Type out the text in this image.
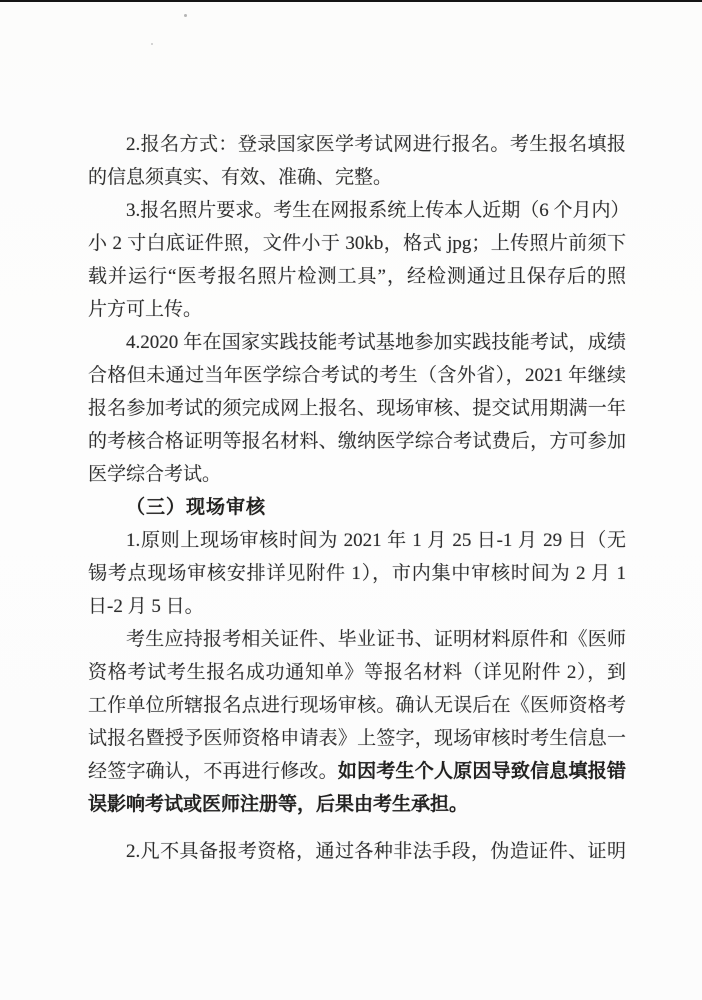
2.报名方式：登录国家医学考试网进行报名。考生报名填报
的信息须真实、有效、准确、完整。
3.报名照片要求。考生在网报系统上传本人近期（6 个月内）
小 2 寸白底证件照，文件小于 30kb，格式 jpg；上传照片前须下
载并运行“医考报名照片检测工具”，经检测通过且保存后的照
片方可上传。
4.2020 年在国家实践技能考试基地参加实践技能考试，成绩
合格但未通过当年医学综合考试的考生（含外省），2021 年继续
报名参加考试的须完成网上报名、现场审核、提交试用期满一年
的考核合格证明等报名材料、缴纳医学综合考试费后，方可参加
医学综合考试。
（三）现场审核
1.原则上现场审核时间为 2021 年 1 月 25 日-1 月 29 日（无
锡考点现场审核安排详见附件 1），市内集中审核时间为 2 月 1
日-2 月 5 日。
考生应持报考相关证件、毕业证书、证明材料原件和《医师
资格考试考生报名成功通知单》等报名材料（详见附件 2），到
工作单位所辖报名点进行现场审核。确认无误后在《医师资格考
试报名暨授予医师资格申请表》上签字，现场审核时考生信息一
经签字确认，不再进行修改。如因考生个人原因导致信息填报错
误影响考试或医师注册等，后果由考生承担。
2.凡不具备报考资格，通过各种非法手段，伪造证件、证明
